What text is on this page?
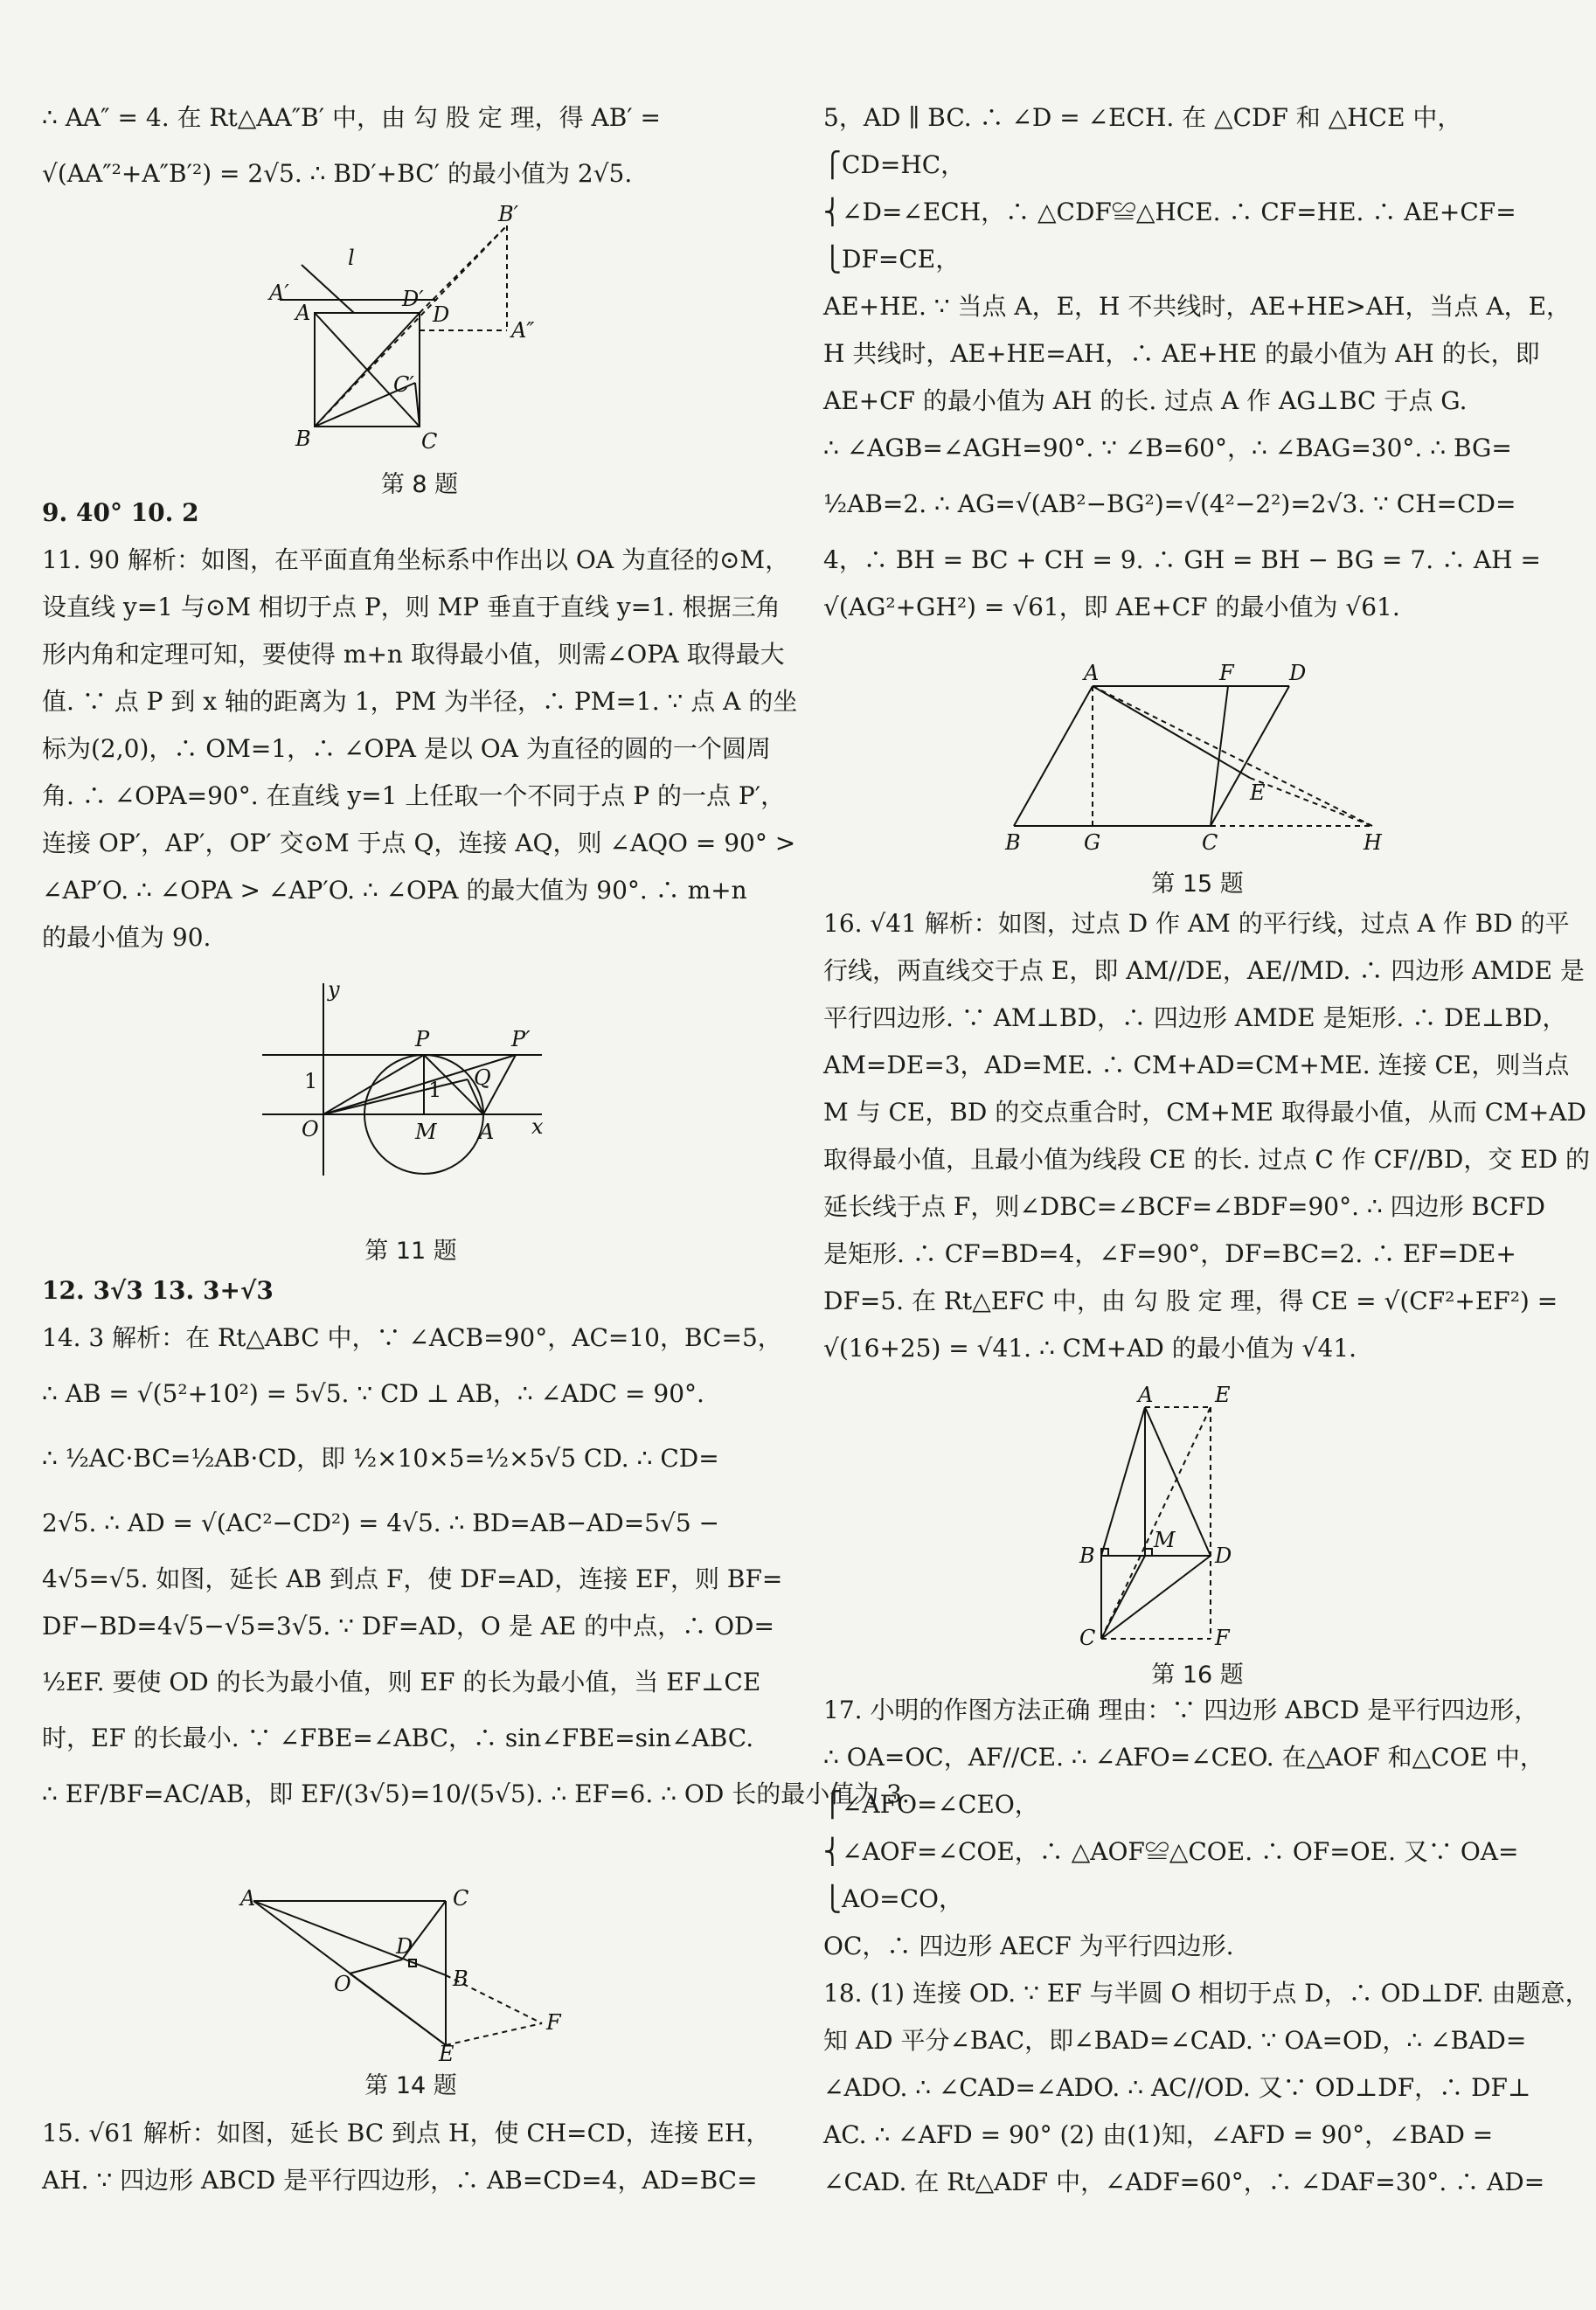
∴ AA″ = 4. 在 Rt△AA″B′ 中，由 勾 股 定 理，得 AB′ =
√(AA″²+A″B′²) = 2√5. ∴ BD′+BC′ 的最小值为 2√5.
B′
l
A′	D′
D
A
A″
C′
B	C
第 8 题
9. 40° 10. 2
11. 90 解析：如图，在平面直角坐标系中作出以 OA 为直径的⊙M，
设直线 y=1 与⊙M 相切于点 P，则 MP 垂直于直线 y=1. 根据三角
形内角和定理可知，要使得 m+n 取得最小值，则需∠OPA 取得最大
值. ∵ 点 P 到 x 轴的距离为 1，PM 为半径，∴ PM=1. ∵ 点 A 的坐
标为(2,0)，∴ OM=1，∴ ∠OPA 是以 OA 为直径的圆的一个圆周
角. ∴ ∠OPA=90°. 在直线 y=1 上任取一个不同于点 P 的一点 P′，
连接 OP′，AP′，OP′ 交⊙M 于点 Q，连接 AQ，则 ∠AQO = 90° >
∠AP′O. ∴ ∠OPA > ∠AP′O. ∴ ∠OPA 的最大值为 90°. ∴ m+n
的最小值为 90.
y
P	P′
1	1 Q
O	M A x
第 11 题
12. 3√3 13. 3+√3
14. 3 解析：在 Rt△ABC 中，∵ ∠ACB=90°，AC=10，BC=5，
∴ AB = √(5²+10²) = 5√5. ∵ CD ⊥ AB，∴ ∠ADC = 90°.
∴ ½AC·BC=½AB·CD，即 ½×10×5=½×5√5 CD. ∴ CD=
2√5. ∴ AD = √(AC²−CD²) = 4√5. ∴ BD=AB−AD=5√5 −
4√5=√5. 如图，延长 AB 到点 F，使 DF=AD，连接 EF，则 BF=
DF−BD=4√5−√5=3√5. ∵ DF=AD，O 是 AE 的中点，∴ OD=
½EF. 要使 OD 的长为最小值，则 EF 的长为最小值，当 EF⊥CE
时，EF 的长最小. ∵ ∠FBE=∠ABC，∴ sin∠FBE=sin∠ABC.
∴ EF/BF=AC/AB，即 EF/(3√5)=10/(5√5). ∴ EF=6. ∴ OD 长的最小值为 3.
A	C
D
O	B
E
F
第 14 题
15. √61 解析：如图，延长 BC 到点 H，使 CH=CD，连接 EH，
AH. ∵ 四边形 ABCD 是平行四边形，∴ AB=CD=4，AD=BC=
5，AD ∥ BC. ∴ ∠D = ∠ECH. 在 △CDF 和 △HCE 中，
⎧CD=HC，
⎨∠D=∠ECH，∴ △CDF≌△HCE. ∴ CF=HE. ∴ AE+CF=
⎩DF=CE，
AE+HE. ∵ 当点 A，E，H 不共线时，AE+HE>AH，当点 A，E，
H 共线时，AE+HE=AH，∴ AE+HE 的最小值为 AH 的长，即
AE+CF 的最小值为 AH 的长. 过点 A 作 AG⊥BC 于点 G.
∴ ∠AGB=∠AGH=90°. ∵ ∠B=60°，∴ ∠BAG=30°. ∴ BG=
½AB=2. ∴ AG=√(AB²−BG²)=√(4²−2²)=2√3. ∵ CH=CD=
4，∴ BH = BC + CH = 9. ∴ GH = BH − BG = 7. ∴ AH =
√(AG²+GH²) = √61，即 AE+CF 的最小值为 √61.
A	F	D
E
B	G	C	H
第 15 题
16. √41 解析：如图，过点 D 作 AM 的平行线，过点 A 作 BD 的平
行线，两直线交于点 E，即 AM//DE，AE//MD. ∴ 四边形 AMDE 是
平行四边形. ∵ AM⊥BD，∴ 四边形 AMDE 是矩形. ∴ DE⊥BD，
AM=DE=3，AD=ME. ∴ CM+AD=CM+ME. 连接 CE，则当点
M 与 CE，BD 的交点重合时，CM+ME 取得最小值，从而 CM+AD
取得最小值，且最小值为线段 CE 的长. 过点 C 作 CF//BD，交 ED 的
延长线于点 F，则∠DBC=∠BCF=∠BDF=90°. ∴ 四边形 BCFD
是矩形. ∴ CF=BD=4，∠F=90°，DF=BC=2. ∴ EF=DE+
DF=5. 在 Rt△EFC 中，由 勾 股 定 理，得 CE = √(CF²+EF²) =
√(16+25) = √41. ∴ CM+AD 的最小值为 √41.
A	E
B
M
D
C	F
第 16 题
17. 小明的作图方法正确 理由：∵ 四边形 ABCD 是平行四边形，
∴ OA=OC，AF//CE. ∴ ∠AFO=∠CEO. 在△AOF 和△COE 中，
⎧∠AFO=∠CEO，
⎨∠AOF=∠COE，∴ △AOF≌△COE. ∴ OF=OE. 又∵ OA=
⎩AO=CO，
OC，∴ 四边形 AECF 为平行四边形.
18. (1) 连接 OD. ∵ EF 与半圆 O 相切于点 D，∴ OD⊥DF. 由题意，
知 AD 平分∠BAC，即∠BAD=∠CAD. ∵ OA=OD，∴ ∠BAD=
∠ADO. ∴ ∠CAD=∠ADO. ∴ AC//OD. 又∵ OD⊥DF，∴ DF⊥
AC. ∴ ∠AFD = 90° (2) 由(1)知，∠AFD = 90°，∠BAD =
∠CAD. 在 Rt△ADF 中，∠ADF=60°，∴ ∠DAF=30°. ∴ AD=
